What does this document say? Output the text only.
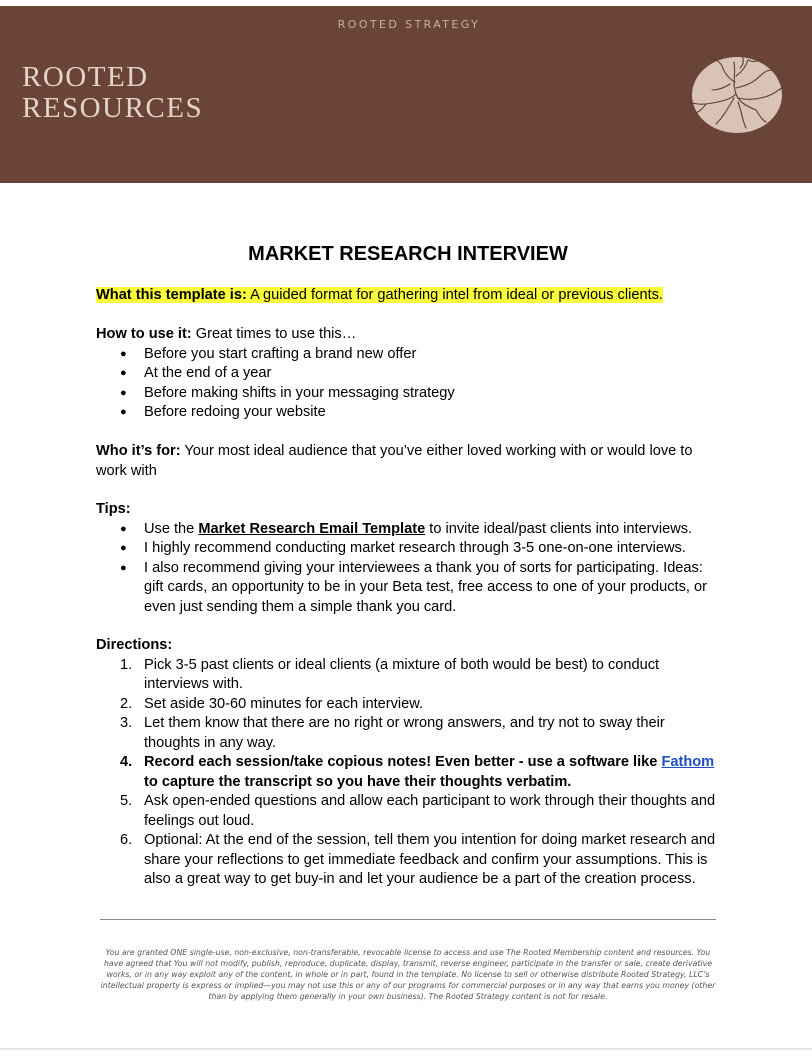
ROOTED STRATEGY
ROOTED
RESOURCES
MARKET RESEARCH INTERVIEW

What this template is: A guided format for gathering intel from ideal or previous clients.

How to use it: Great times to use this…
● Before you start crafting a brand new offer
● At the end of a year
● Before making shifts in your messaging strategy
● Before redoing your website

Who it’s for: Your most ideal audience that you’ve either loved working with or would love to work with

Tips:
● Use the Market Research Email Template to invite ideal/past clients into interviews.
● I highly recommend conducting market research through 3-5 one-on-one interviews.
● I also recommend giving your interviewees a thank you of sorts for participating. Ideas: gift cards, an opportunity to be in your Beta test, free access to one of your products, or even just sending them a simple thank you card.
Directions:
1. Pick 3-5 past clients or ideal clients (a mixture of both would be best) to conduct interviews with.
2. Set aside 30-60 minutes for each interview.
3. Let them know that there are no right or wrong answers, and try not to sway their thoughts in any way.
4. Record each session/take copious notes! Even better - use a software like Fathom to capture the transcript so you have their thoughts verbatim.
5. Ask open-ended questions and allow each participant to work through their thoughts and feelings out loud.
6. Optional: At the end of the session, tell them you intention for doing market research and share your reflections to get immediate feedback and confirm your assumptions. This is also a great way to get buy-in and let your audience be a part of the creation process.
You are granted ONE single-use, non-exclusive, non-transferable, revocable license to access and use The Rooted Membership content and resources. You have agreed that You will not modify, publish, reproduce, duplicate, display, transmit, reverse engineer, participate in the transfer or sale, create derivative works, or in any way exploit any of the content, in whole or in part, found in the template. No license to sell or otherwise distribute Rooted Strategy, LLC’s intellectual property is express or implied—you may not use this or any of our programs for commercial purposes or in any way that earns you money (other than by applying them generally in your own business). The Rooted Strategy content is not for resale.
